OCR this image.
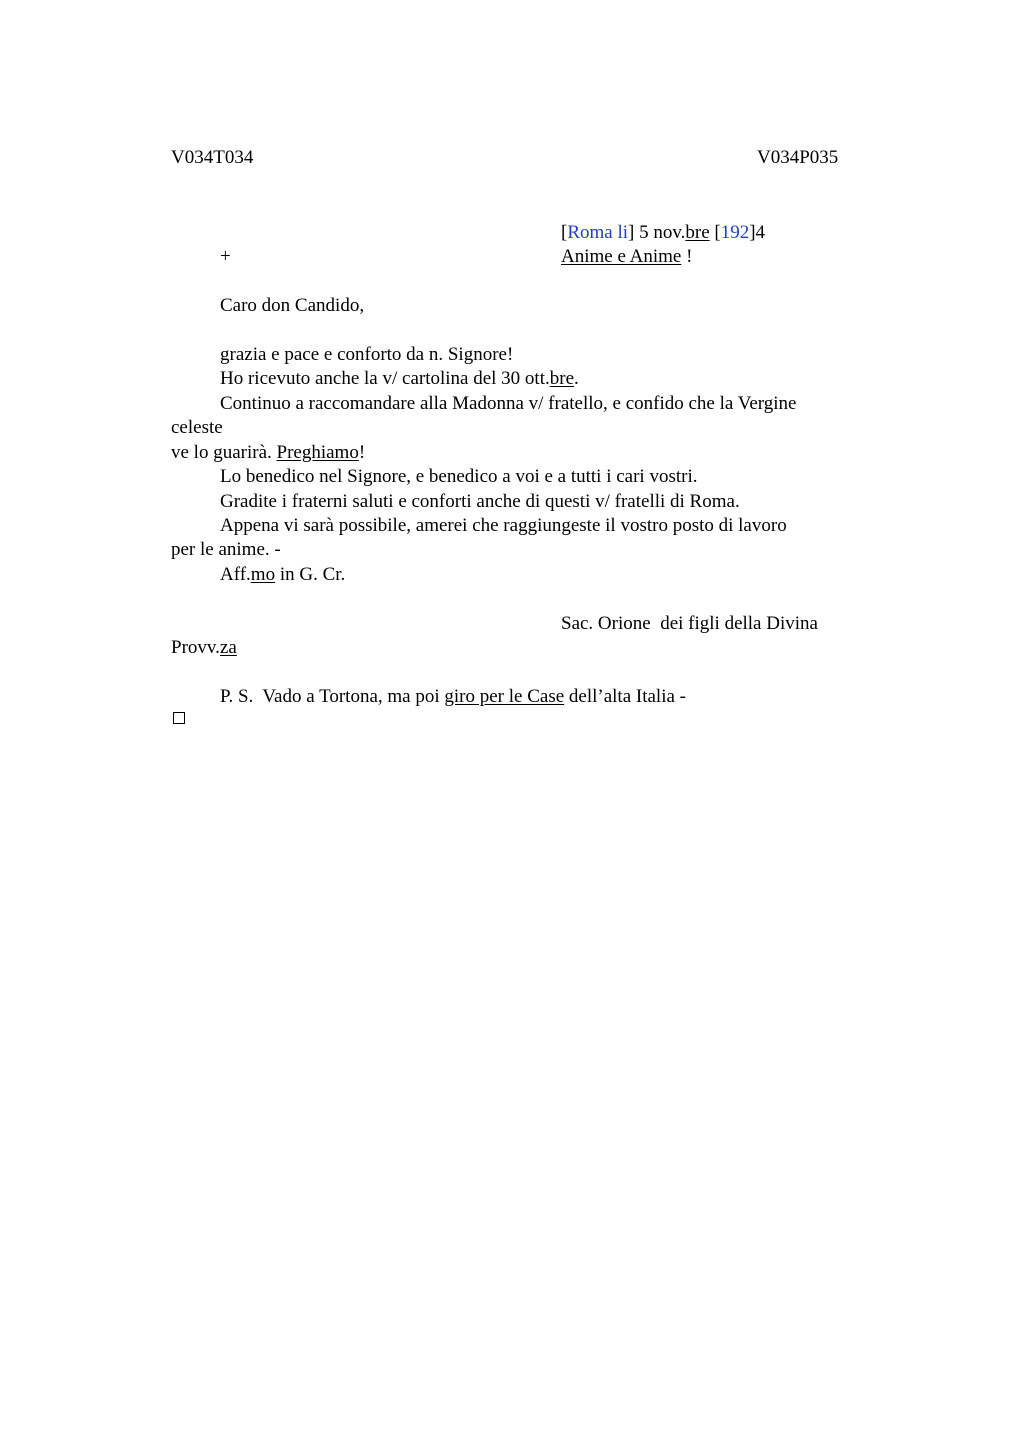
V034T034	V034P035
[Roma li] 5 nov.bre [192]4
+	Anime e Anime !
Caro don Candido,
grazia e pace e conforto da n. Signore!
Ho ricevuto anche la v/ cartolina del 30 ott.bre.
Continuo a raccomandare alla Madonna v/ fratello, e confido che la Vergine
celeste
ve lo guarirà. Preghiamo!
Lo benedico nel Signore, e benedico a voi e a tutti i cari vostri.
Gradite i fraterni saluti e conforti anche di questi v/ fratelli di Roma.
Appena vi sarà possibile, amerei che raggiungeste il vostro posto di lavoro
per le anime. -
Aff.mo in G. Cr.
Sac. Orione  dei figli della Divina
Provv.za
P. S.  Vado a Tortona, ma poi giro per le Case dell’alta Italia -
